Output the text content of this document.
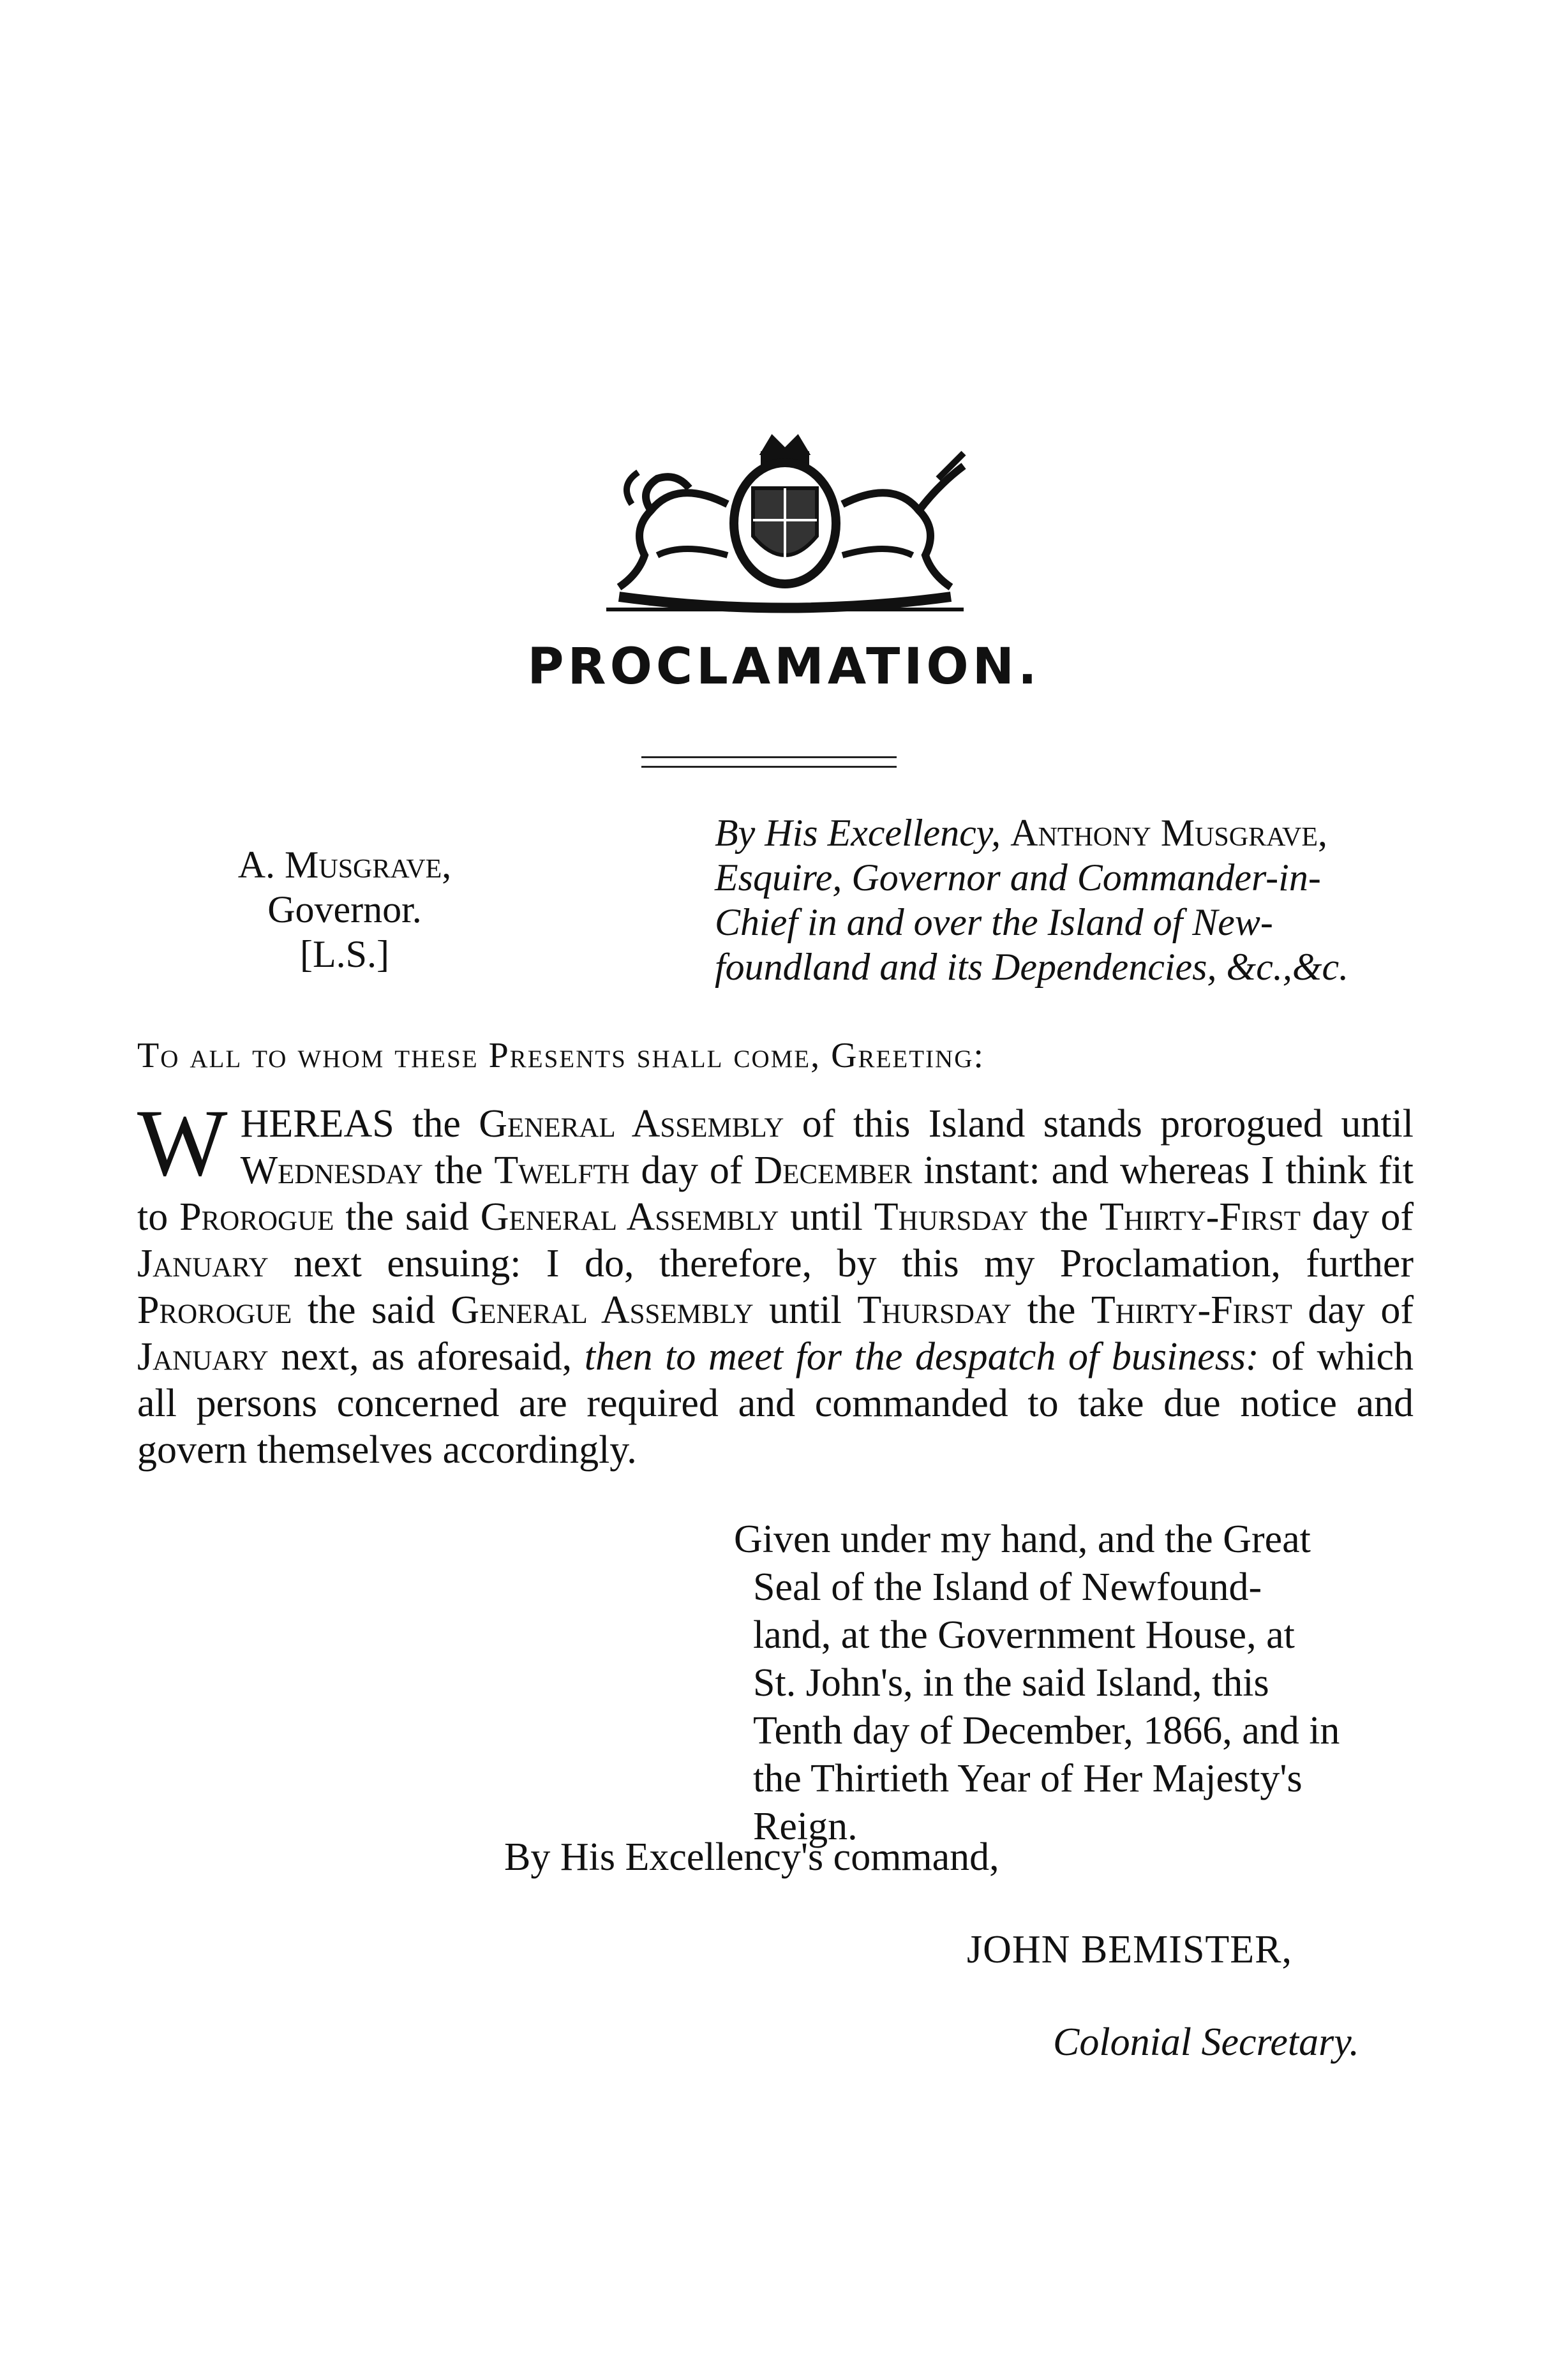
PROCLAMATION.
A. Musgrave,
Governor.
[L.S.]

By His Excellency, Anthony Musgrave,

Esquire, Governor and Commander-in-

Chief in and over the Island of New-

foundland and its Dependencies, &c.,&c.

To all to whom these Presents shall come, Greeting:
WHEREAS the General Assembly of this Island stands prorogued until Wednesday the Twelfth day of December instant: and whereas I think fit to Prorogue the said General Assembly until Thursday the Thirty-First day of January next ensuing: I do, therefore, by this my Proclamation, further Prorogue the said General Assembly until Thursday the Thirty-First day of January next, as aforesaid, then to meet for the despatch of business: of which all persons concerned are required and commanded to take due notice and govern themselves accordingly.

Given under my hand, and the Great

Seal of the Island of Newfound-

land, at the Government House, at

St. John's, in the said Island, this

Tenth day of December, 1866, and in

the Thirtieth Year of Her Majesty's

Reign.

By His Excellency's command,
JOHN BEMISTER,
Colonial Secretary.
